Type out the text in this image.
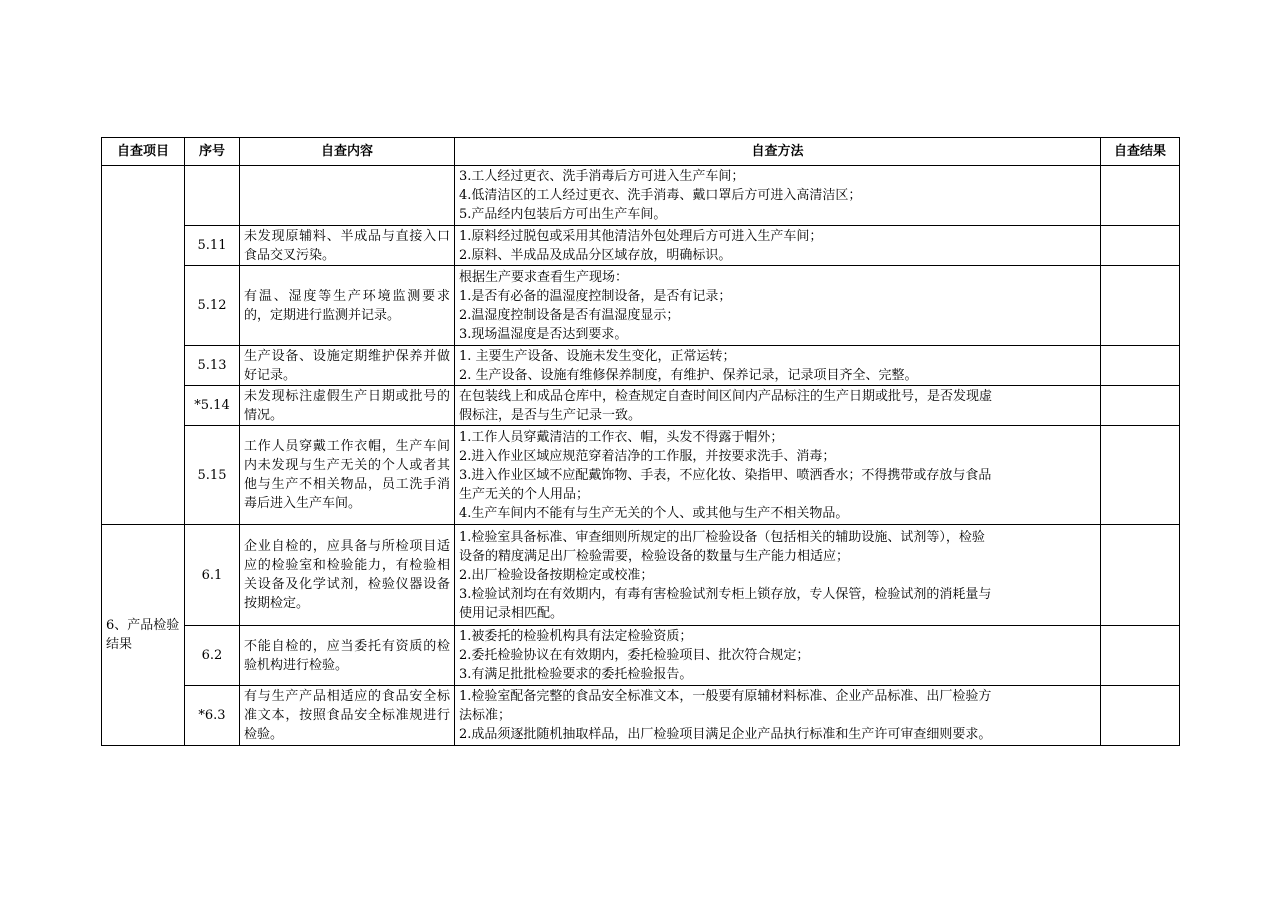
自查项目	序号	自查内容	自查方法	自查结果

			3.工人经过更衣、洗手消毒后方可进入生产车间；
4.低清洁区的工人经过更衣、洗手消毒、戴口罩后方可进入高清洁区；
5.产品经内包装后方可出生产车间。	

	5.11	未发现原辅料、半成品与直接入口食品交叉污染。	1.原料经过脱包或采用其他清洁外包处理后方可进入生产车间；
2.原料、半成品及成品分区域存放，明确标识。	

	5.12	有温、湿度等生产环境监测要求的，定期进行监测并记录。	根据生产要求查看生产现场：
1.是否有必备的温湿度控制设备，是否有记录；
2.温湿度控制设备是否有温湿度显示；
3.现场温湿度是否达到要求。	

	5.13	生产设备、设施定期维护保养并做好记录。	1. 主要生产设备、设施未发生变化，正常运转；
2. 生产设备、设施有维修保养制度，有维护、保养记录，记录项目齐全、完整。	

	*5.14	未发现标注虚假生产日期或批号的情况。	在包装线上和成品仓库中，检查规定自查时间区间内产品标注的生产日期或批号，是否发现虚
假标注，是否与生产记录一致。	

	5.15	工作人员穿戴工作衣帽，生产车间内未发现与生产无关的个人或者其他与生产不相关物品，员工洗手消毒后进入生产车间。	1.工作人员穿戴清洁的工作衣、帽，头发不得露于帽外；
2.进入作业区域应规范穿着洁净的工作服，并按要求洗手、消毒；
3.进入作业区域不应配戴饰物、手表，不应化妆、染指甲、喷洒香水；不得携带或存放与食品
生产无关的个人用品；
4.生产车间内不能有与生产无关的个人、或其他与生产不相关物品。	

6、产品检验结果	6.1	企业自检的，应具备与所检项目适应的检验室和检验能力，有检验相关设备及化学试剂，检验仪器设备按期检定。	1.检验室具备标准、审查细则所规定的出厂检验设备（包括相关的辅助设施、试剂等），检验
设备的精度满足出厂检验需要，检验设备的数量与生产能力相适应；
2.出厂检验设备按期检定或校准；
3.检验试剂均在有效期内，有毒有害检验试剂专柜上锁存放，专人保管，检验试剂的消耗量与
使用记录相匹配。	

	6.2	不能自检的，应当委托有资质的检验机构进行检验。	1.被委托的检验机构具有法定检验资质；
2.委托检验协议在有效期内，委托检验项目、批次符合规定；
3.有满足批批检验要求的委托检验报告。	

	*6.3	有与生产产品相适应的食品安全标准文本，按照食品安全标准规进行检验。	1.检验室配备完整的食品安全标准文本，一般要有原辅材料标准、企业产品标准、出厂检验方
法标准；
2.成品须逐批随机抽取样品，出厂检验项目满足企业产品执行标准和生产许可审查细则要求。	
